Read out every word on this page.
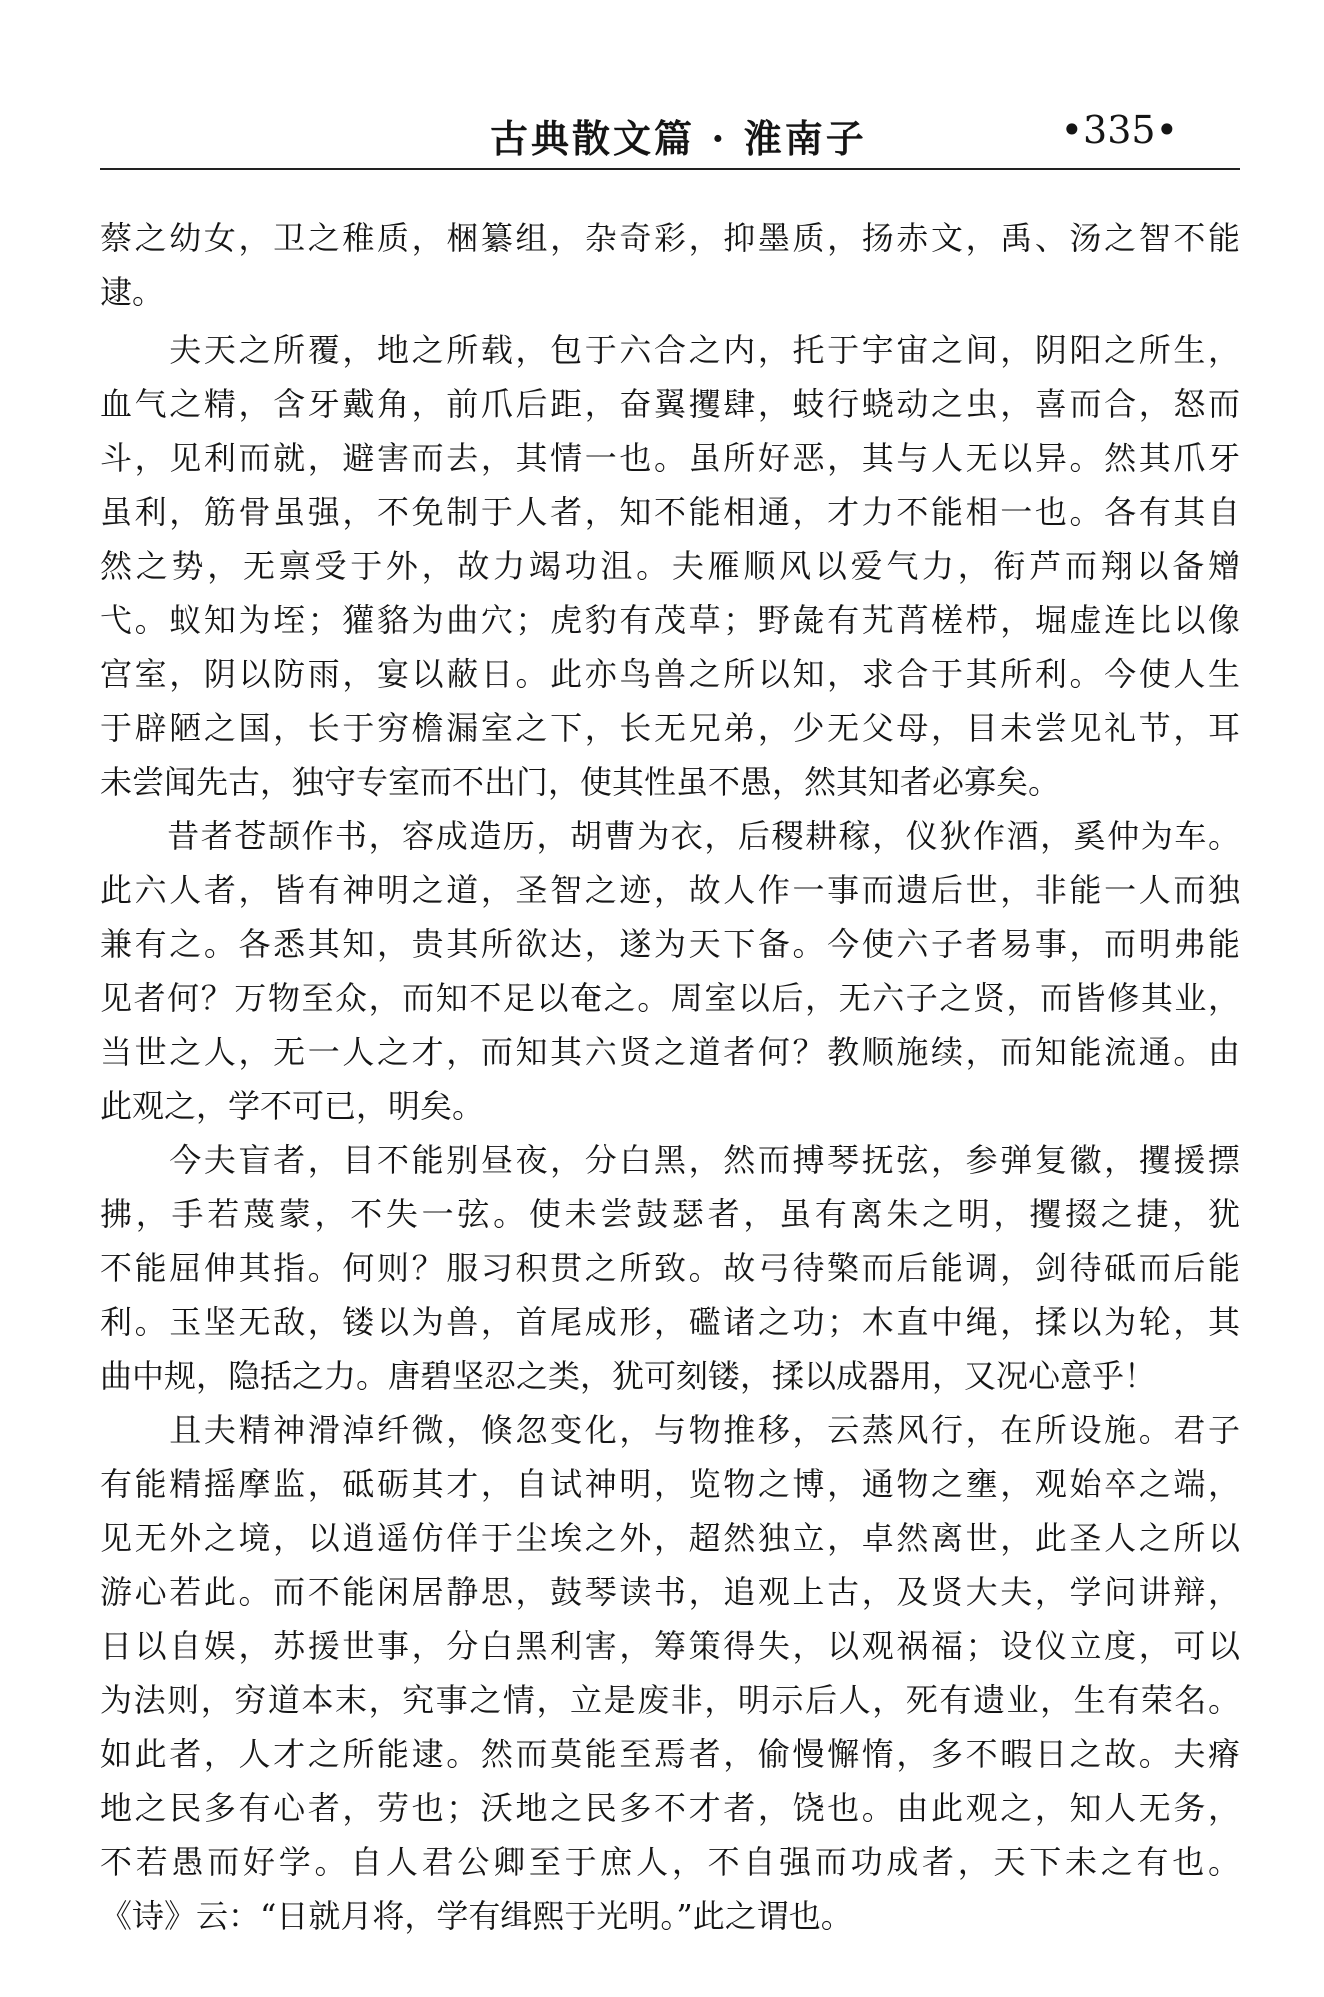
古典散文篇 · 淮南子	•335•
蔡之幼女，卫之稚质，梱纂组，杂奇彩，抑墨质，扬赤文，禹、汤之智不能
逮。
　　夫天之所覆，地之所载，包于六合之内，托于宇宙之间，阴阳之所生，
血气之精，含牙戴角，前爪后距，奋翼攫肆，蚑行蛲动之虫，喜而合，怒而
斗，见利而就，避害而去，其情一也。虽所好恶，其与人无以异。然其爪牙
虽利，筋骨虽强，不免制于人者，知不能相通，才力不能相一也。各有其自
然之势，无禀受于外，故力竭功沮。夫雁顺风以爱气力，衔芦而翔以备矰
弋。蚁知为垤；獾貉为曲穴；虎豹有茂草；野彘有艽莦槎栉，堀虚连比以像
宫室，阴以防雨，宴以蔽日。此亦鸟兽之所以知，求合于其所利。今使人生
于辟陋之国，长于穷檐漏室之下，长无兄弟，少无父母，目未尝见礼节，耳
未尝闻先古，独守专室而不出门，使其性虽不愚，然其知者必寡矣。
　　昔者苍颉作书，容成造历，胡曹为衣，后稷耕稼，仪狄作酒，奚仲为车。
此六人者，皆有神明之道，圣智之迹，故人作一事而遗后世，非能一人而独
兼有之。各悉其知，贵其所欲达，遂为天下备。今使六子者易事，而明弗能
见者何？万物至众，而知不足以奄之。周室以后，无六子之贤，而皆修其业，
当世之人，无一人之才，而知其六贤之道者何？教顺施续，而知能流通。由
此观之，学不可已，明矣。
　　今夫盲者，目不能别昼夜，分白黑，然而搏琴抚弦，参弹复徽，攫援摽
拂，手若蔑蒙，不失一弦。使未尝鼓瑟者，虽有离朱之明，攫掇之捷，犹
不能屈伸其指。何则？服习积贯之所致。故弓待檠而后能调，剑待砥而后能
利。玉坚无敌，镂以为兽，首尾成形，礛诸之功；木直中绳，揉以为轮，其
曲中规，隐括之力。唐碧坚忍之类，犹可刻镂，揉以成器用，又况心意乎！
　　且夫精神滑淖纤微，倏忽变化，与物推移，云蒸风行，在所设施。君子
有能精摇摩监，砥砺其才，自试神明，览物之博，通物之壅，观始卒之端，
见无外之境，以逍遥仿佯于尘埃之外，超然独立，卓然离世，此圣人之所以
游心若此。而不能闲居静思，鼓琴读书，追观上古，及贤大夫，学问讲辩，
日以自娱，苏援世事，分白黑利害，筹策得失，以观祸福；设仪立度，可以
为法则，穷道本末，究事之情，立是废非，明示后人，死有遗业，生有荣名。
如此者，人才之所能逮。然而莫能至焉者，偷慢懈惰，多不暇日之故。夫瘠
地之民多有心者，劳也；沃地之民多不才者，饶也。由此观之，知人无务，
不若愚而好学。自人君公卿至于庶人，不自强而功成者，天下未之有也。
《诗》云：“日就月将，学有缉熙于光明。”此之谓也。
